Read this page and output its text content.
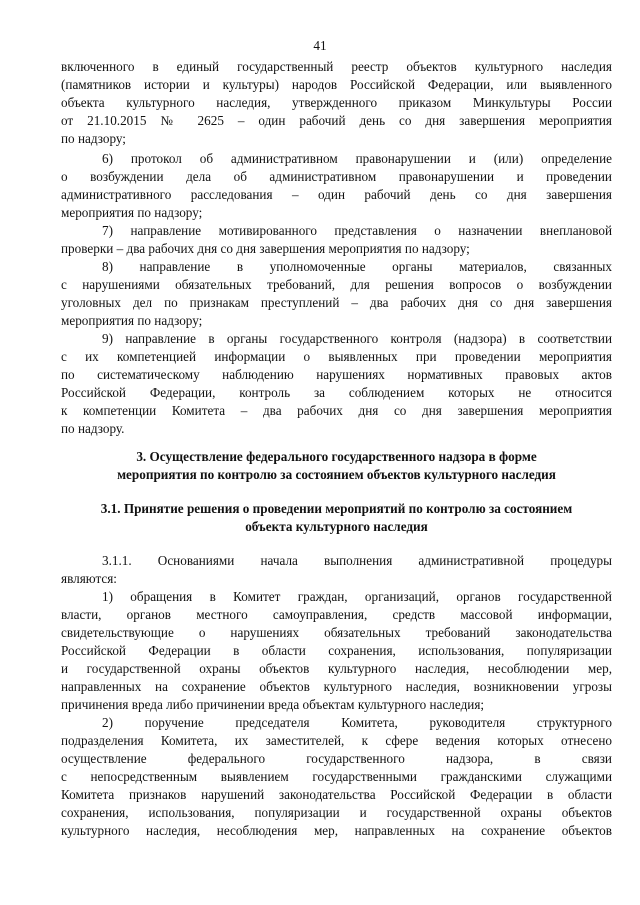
41
включенного в единый государственный реестр объектов культурного наследия
(памятников истории и культуры) народов Российской Федерации, или выявленного
объекта культурного наследия, утвержденного приказом Минкультуры России
от 21.10.2015 № 2625 – один рабочий день со дня завершения мероприятия
по надзору;
6) протокол об административном правонарушении и (или) определение
о возбуждении дела об административном правонарушении и проведении
административного расследования – один рабочий день со дня завершения
мероприятия по надзору;
7) направление мотивированного представления о назначении внеплановой
проверки – два рабочих дня со дня завершения мероприятия по надзору;
8) направление в уполномоченные органы материалов, связанных
с нарушениями обязательных требований, для решения вопросов о возбуждении
уголовных дел по признакам преступлений – два рабочих дня со дня завершения
мероприятия по надзору;
9) направление в органы государственного контроля (надзора) в соответствии
с их компетенцией информации о выявленных при проведении мероприятия
по систематическому наблюдению нарушениях нормативных правовых актов
Российской Федерации, контроль за соблюдением которых не относится
к компетенции Комитета – два рабочих дня со дня завершения мероприятия
по надзору.
3. Осуществление федерального государственного надзора в форме
мероприятия по контролю за состоянием объектов культурного наследия
3.1. Принятие решения о проведении мероприятий по контролю за состоянием
объекта культурного наследия
3.1.1. Основаниями начала выполнения административной процедуры
являются:
1) обращения в Комитет граждан, организаций, органов государственной
власти, органов местного самоуправления, средств массовой информации,
свидетельствующие о нарушениях обязательных требований законодательства
Российской Федерации в области сохранения, использования, популяризации
и государственной охраны объектов культурного наследия, несоблюдении мер,
направленных на сохранение объектов культурного наследия, возникновении угрозы
причинения вреда либо причинении вреда объектам культурного наследия;
2) поручение председателя Комитета, руководителя структурного
подразделения Комитета, их заместителей, к сфере ведения которых отнесено
осуществление федерального государственного надзора, в связи
с непосредственным выявлением государственными гражданскими служащими
Комитета признаков нарушений законодательства Российской Федерации в области
сохранения, использования, популяризации и государственной охраны объектов
культурного наследия, несоблюдения мер, направленных на сохранение объектов
